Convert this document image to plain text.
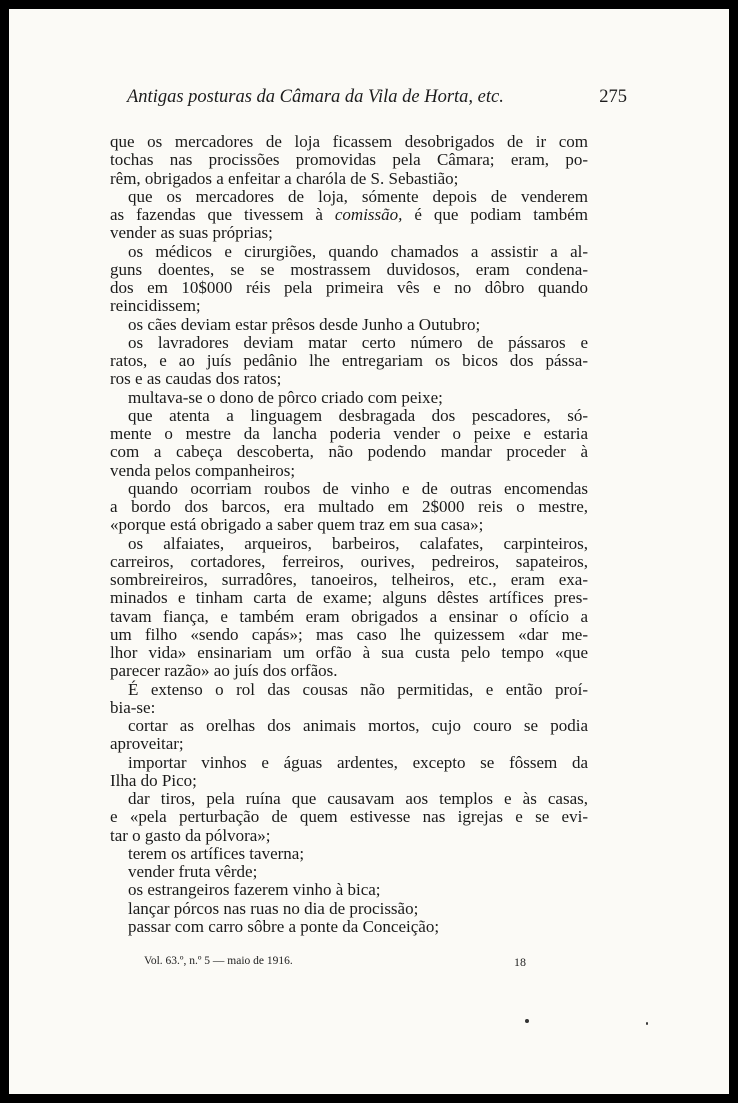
Antigas posturas da Câmara da Vila de Horta, etc.	275
que os mercadores de loja ficassem desobrigados de ir com
tochas nas procissões promovidas pela Câmara; eram, po-
rêm, obrigados a enfeitar a charóla de S. Sebastião;
que os mercadores de loja, sómente depois de venderem
as fazendas que tivessem à comissão, é que podiam também
vender as suas próprias;
os médicos e cirurgiões, quando chamados a assistir a al-
guns doentes, se se mostrassem duvidosos, eram condena-
dos em 10$000 réis pela primeira vês e no dôbro quando
reincidissem;
os cães deviam estar prêsos desde Junho a Outubro;
os lavradores deviam matar certo número de pássaros e
ratos, e ao juís pedânio lhe entregariam os bicos dos pássa-
ros e as caudas dos ratos;
multava-se o dono de pôrco criado com peixe;
que atenta a linguagem desbragada dos pescadores, só-
mente o mestre da lancha poderia vender o peixe e estaria
com a cabeça descoberta, não podendo mandar proceder à
venda pelos companheiros;
quando ocorriam roubos de vinho e de outras encomendas
a bordo dos barcos, era multado em 2$000 reis o mestre,
«porque está obrigado a saber quem traz em sua casa»;
os alfaiates, arqueiros, barbeiros, calafates, carpinteiros,
carreiros, cortadores, ferreiros, ourives, pedreiros, sapateiros,
sombreireiros, surradôres, tanoeiros, telheiros, etc., eram exa-
minados e tinham carta de exame; alguns dêstes artífices pres-
tavam fiança, e também eram obrigados a ensinar o ofício a
um filho «sendo capás»; mas caso lhe quizessem «dar me-
lhor vida» ensinariam um orfão à sua custa pelo tempo «que
parecer razão» ao juís dos orfãos.
É extenso o rol das cousas não permitidas, e então proí-
bia-se:
cortar as orelhas dos animais mortos, cujo couro se podia
aproveitar;
importar vinhos e águas ardentes, excepto se fôssem da
Ilha do Pico;
dar tiros, pela ruína que causavam aos templos e às casas,
e «pela perturbação de quem estivesse nas igrejas e se evi-
tar o gasto da pólvora»;
terem os artífices taverna;
vender fruta vêrde;
os estrangeiros fazerem vinho à bica;
lançar pórcos nas ruas no dia de procissão;
passar com carro sôbre a ponte da Conceição;
Vol. 63.º, n.º 5 — maio de 1916.	18
